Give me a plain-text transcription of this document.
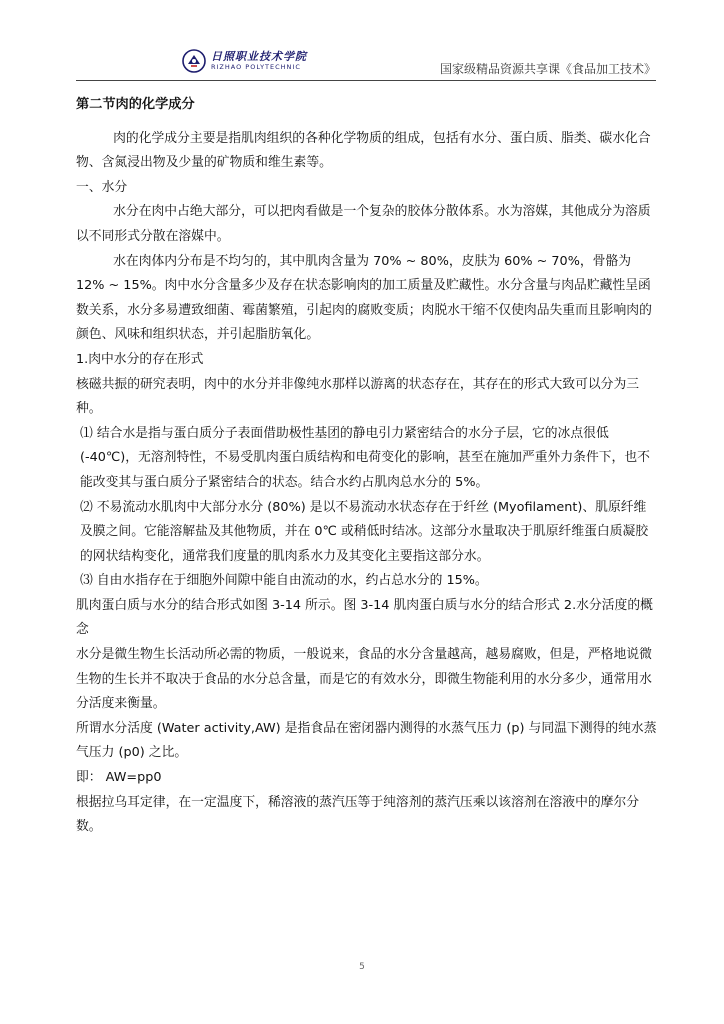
日照职业技术学院
RIZHAO POLYTECHNIC	国家级精品资源共享课《食品加工技术》

第二节肉的化学成分

肉的化学成分主要是指肌肉组织的各种化学物质的组成，包括有水分、蛋白质、脂类、碳水化合物、含氮浸出物及少量的矿物质和维生素等。

一、水分

水分在肉中占绝大部分，可以把肉看做是一个复杂的胶体分散体系。水为溶媒，其他成分为溶质以不同形式分散在溶媒中。

水在肉体内分布是不均匀的，其中肌肉含量为 70% ~ 80%，皮肤为 60% ~ 70%，骨骼为 12% ~ 15%。肉中水分含量多少及存在状态影响肉的加工质量及贮藏性。水分含量与肉品贮藏性呈函数关系，水分多易遭致细菌、霉菌繁殖，引起肉的腐败变质；肉脱水干缩不仅使肉品失重而且影响肉的颜色、风味和组织状态，并引起脂肪氧化。

1.肉中水分的存在形式

核磁共振的研究表明，肉中的水分并非像纯水那样以游离的状态存在，其存在的形式大致可以分为三种。

⑴ 结合水是指与蛋白质分子表面借助极性基团的静电引力紧密结合的水分子层，它的冰点很低 (-40℃)，无溶剂特性，不易受肌肉蛋白质结构和电荷变化的影响，甚至在施加严重外力条件下，也不能改变其与蛋白质分子紧密结合的状态。结合水约占肌肉总水分的 5%。

⑵ 不易流动水肌肉中大部分水分 (80%) 是以不易流动水状态存在于纤丝 (Myofilament)、肌原纤维及膜之间。它能溶解盐及其他物质，并在 0℃ 或稍低时结冰。这部分水量取决于肌原纤维蛋白质凝胶的网状结构变化，通常我们度量的肌肉系水力及其变化主要指这部分水。

⑶ 自由水指存在于细胞外间隙中能自由流动的水，约占总水分的 15%。

肌肉蛋白质与水分的结合形式如图 3-14 所示。图 3-14 肌肉蛋白质与水分的结合形式 2.水分活度的概念

水分是微生物生长活动所必需的物质，一般说来，食品的水分含量越高，越易腐败，但是，严格地说微生物的生长并不取决于食品的水分总含量，而是它的有效水分，即微生物能利用的水分多少，通常用水分活度来衡量。

所谓水分活度 (Water activity,AW) 是指食品在密闭器内测得的水蒸气压力 (p) 与同温下测得的纯水蒸气压力 (p0) 之比。

即： AW=pp0

根据拉乌耳定律，在一定温度下，稀溶液的蒸汽压等于纯溶剂的蒸汽压乘以该溶剂在溶液中的摩尔分数。

5
